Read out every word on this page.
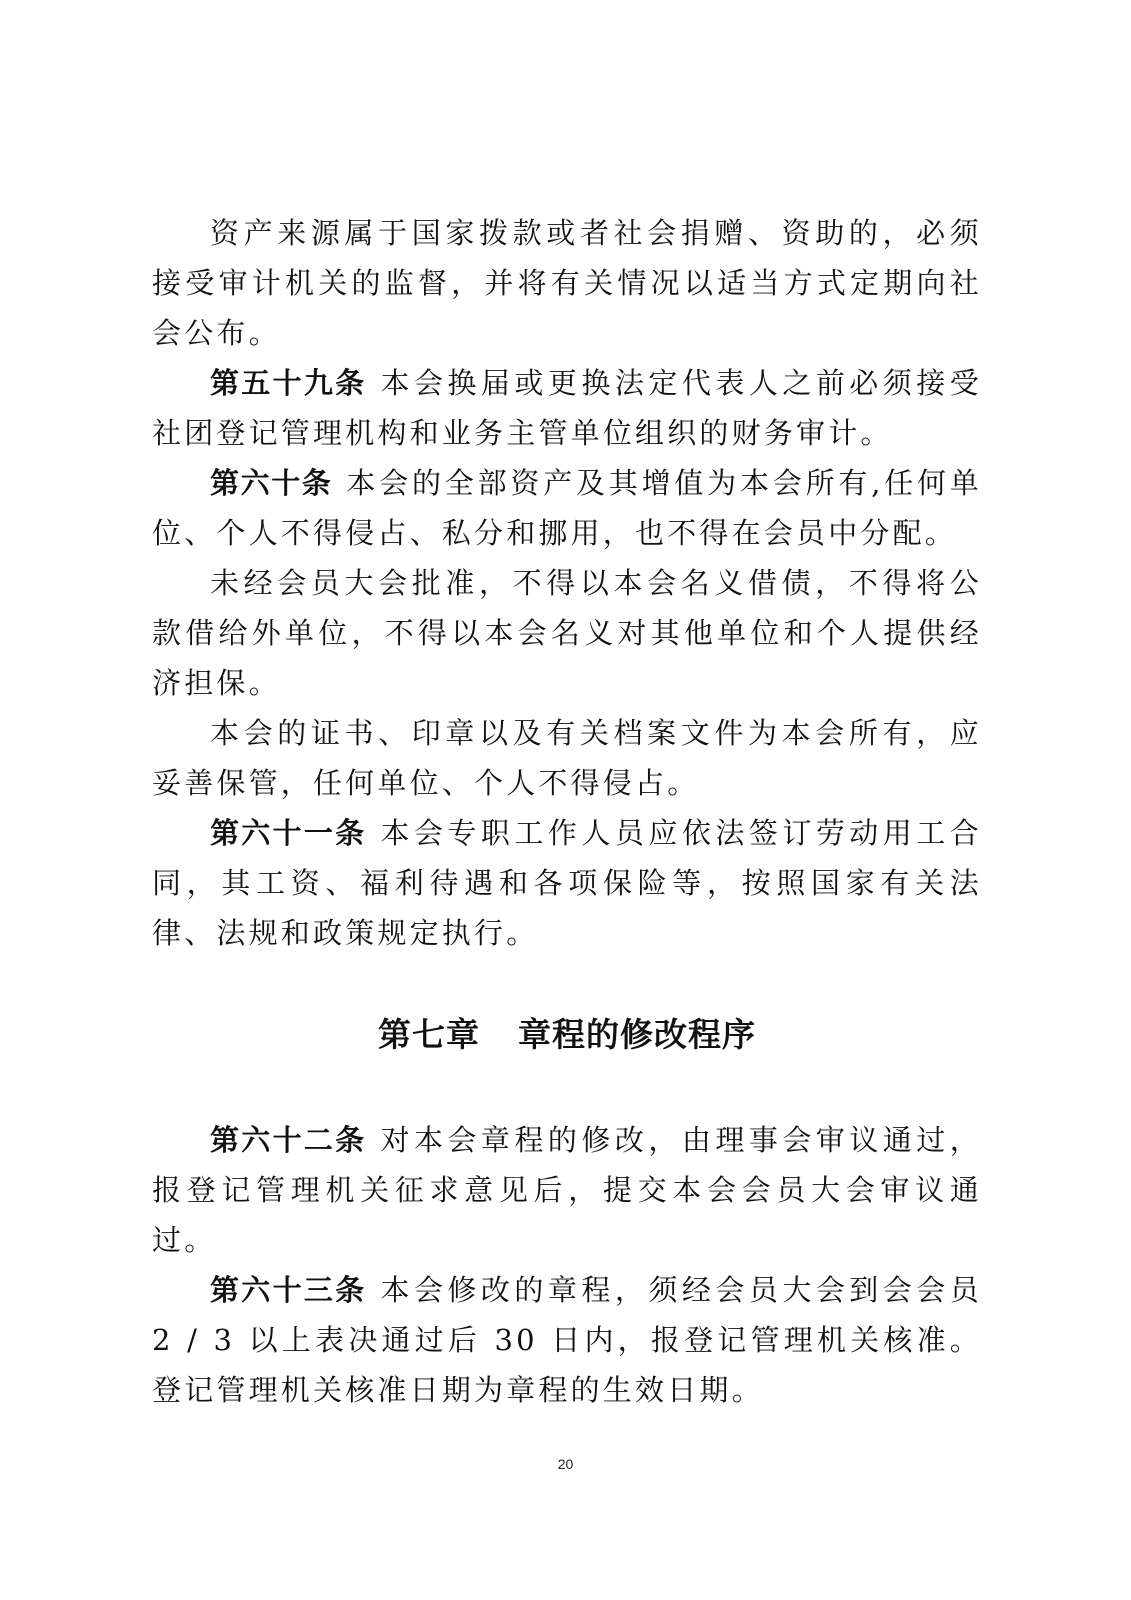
资产来源属于国家拨款或者社会捐赠、资助的，必须接受审计机关的监督，并将有关情况以适当方式定期向社会公布。

第五十九条 本会换届或更换法定代表人之前必须接受社团登记管理机构和业务主管单位组织的财务审计。

第六十条 本会的全部资产及其增值为本会所有,任何单位、个人不得侵占、私分和挪用，也不得在会员中分配。

未经会员大会批准，不得以本会名义借债，不得将公款借给外单位，不得以本会名义对其他单位和个人提供经济担保。

本会的证书、印章以及有关档案文件为本会所有，应妥善保管，任何单位、个人不得侵占。

第六十一条 本会专职工作人员应依法签订劳动用工合同，其工资、福利待遇和各项保险等，按照国家有关法律、法规和政策规定执行。

第七章 章程的修改程序

第六十二条 对本会章程的修改，由理事会审议通过，报登记管理机关征求意见后，提交本会会员大会审议通过。

第六十三条 本会修改的章程，须经会员大会到会会员 2 / 3 以上表决通过后 30 日内，报登记管理机关核准。登记管理机关核准日期为章程的生效日期。

20
